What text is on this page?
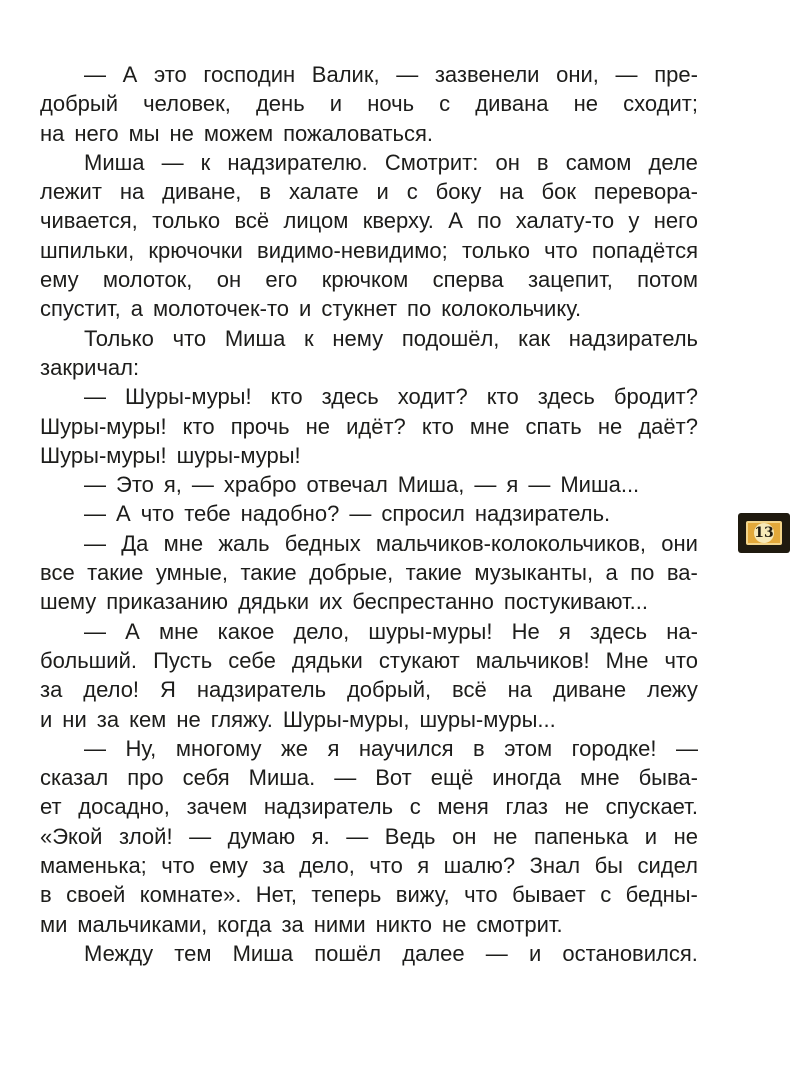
— А это господин Валик, — зазвенели они, — пре-
добрый человек, день и ночь с дивана не сходит;
на него мы не можем пожаловаться.
Миша — к надзирателю. Смотрит: он в самом деле
лежит на диване, в халате и с боку на бок перевора-
чивается, только всё лицом кверху. А по халату-то у него
шпильки, крючочки видимо-невидимо; только что попадётся
ему молоток, он его крючком сперва зацепит, потом
спустит, а молоточек-то и стукнет по колокольчику.
Только что Миша к нему подошёл, как надзиратель
закричал:
— Шуры-муры! кто здесь ходит? кто здесь бродит?
Шуры-муры! кто прочь не идёт? кто мне спать не даёт?
Шуры-муры! шуры-муры!
— Это я, — храбро отвечал Миша, — я — Миша...
— А что тебе надобно? — спросил надзиратель.
— Да мне жаль бедных мальчиков-колокольчиков, они
все такие умные, такие добрые, такие музыканты, а по ва-
шему приказанию дядьки их беспрестанно постукивают...
— А мне какое дело, шуры-муры! Не я здесь на-
больший. Пусть себе дядьки стукают мальчиков! Мне что
за дело! Я надзиратель добрый, всё на диване лежу
и ни за кем не гляжу. Шуры-муры, шуры-муры...
— Ну, многому же я научился в этом городке! —
сказал про себя Миша. — Вот ещё иногда мне быва-
ет досадно, зачем надзиратель с меня глаз не спускает.
«Экой злой! — думаю я. — Ведь он не папенька и не
маменька; что ему за дело, что я шалю? Знал бы сидел
в своей комнате». Нет, теперь вижу, что бывает с бедны-
ми мальчиками, когда за ними никто не смотрит.
Между тем Миша пошёл далее — и остановился.
13
